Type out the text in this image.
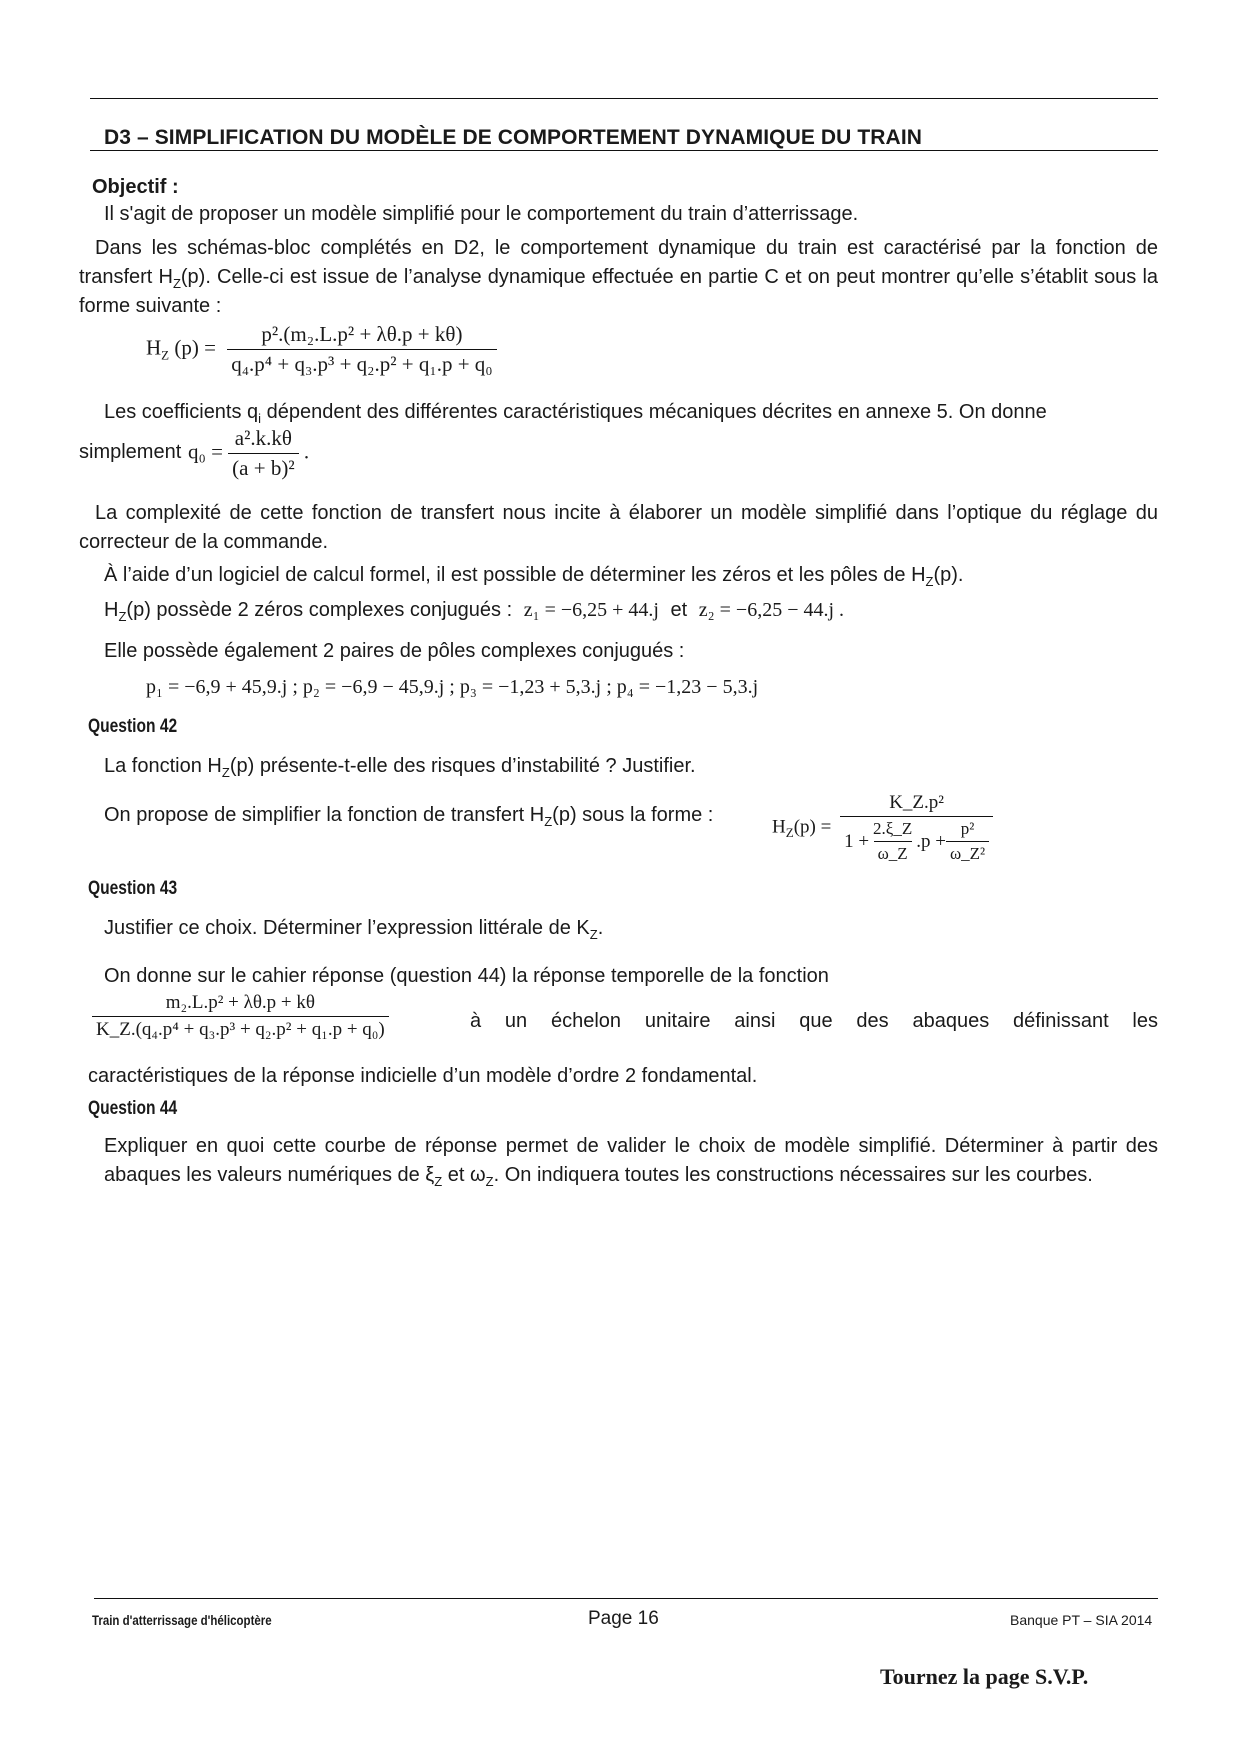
D3 – SIMPLIFICATION DU MODÈLE DE COMPORTEMENT DYNAMIQUE DU TRAIN
Objectif :
Il s'agit de proposer un modèle simplifié pour le comportement du train d’atterrissage.
Dans les schémas-bloc complétés en D2, le comportement dynamique du train est caractérisé par la fonction de transfert $H_Z(p)$. Celle-ci est issue de l’analyse dynamique effectuée en partie C et on peut montrer qu’elle s’établit sous la forme suivante :
$H_Z$ $(p) = \frac{\text{p².(m₂.L.p² + λθ.p + kθ)}}{\text{q₄.p⁴ + q₃.p³ + q₂.p² + q₁.p + q₀}}$
Les coefficients $q_i$ dépendent des différentes caractéristiques mécaniques décrites en annexe 5. On donne
simplement $q_0 = \frac{\text{a².k.kθ}}{\text{(a + b)²}}$ .
La complexité de cette fonction de transfert nous incite à élaborer un modèle simplifié dans l’optique du réglage du correcteur de la commande.
À l’aide d’un logiciel de calcul formel, il est possible de déterminer les zéros et les pôles de $H_Z(p)$.
$H_Z(p)$ possède 2 zéros complexes conjugués : z₁ = −6,25 + 44.j et z₂ = −6,25 − 44.j .
Elle possède également 2 paires de pôles complexes conjugués :
p₁ = −6,9 + 45,9.j ; p₂ = −6,9 − 45,9.j ; p₃ = −1,23 + 5,3.j ; p₄ = −1,23 − 5,3.j
Question 42
La fonction $H_Z(p)$ présente-t-elle des risques d’instabilité ? Justifier.
On propose de simplifier la fonction de transfert $H_Z(p)$ sous la forme :
$H_Z(p)$ =
K_Z.p²
$1 + \frac{2.\xi\_Z}{\omega\_Z} .p + \frac{\text{p²}}{\text{ω\_Z²}}$
Question 43
Justifier ce choix. Déterminer l’expression littérale de $K_Z$.
On donne sur le cahier réponse (question 44) la réponse temporelle de la fonction
$\frac{\text{m₂.L.p² + λθ.p + kθ}}{\text{K\_Z.(q₄.p⁴ + q₃.p³ + q₂.p² + q₁.p + q₀)}}$	à un échelon unitaire ainsi que des abaques définissant les
caractéristiques de la réponse indicielle d’un modèle d’ordre 2 fondamental.
Question 44
Expliquer en quoi cette courbe de réponse permet de valider le choix de modèle simplifié. Déterminer à partir des abaques les valeurs numériques de $\xi_Z$ et $\omega_Z$. On indiquera toutes les constructions nécessaires sur les courbes.
Train d'atterrissage d'hélicoptère	Page 16	Banque PT – SIA 2014
Tournez la page S.V.P.
